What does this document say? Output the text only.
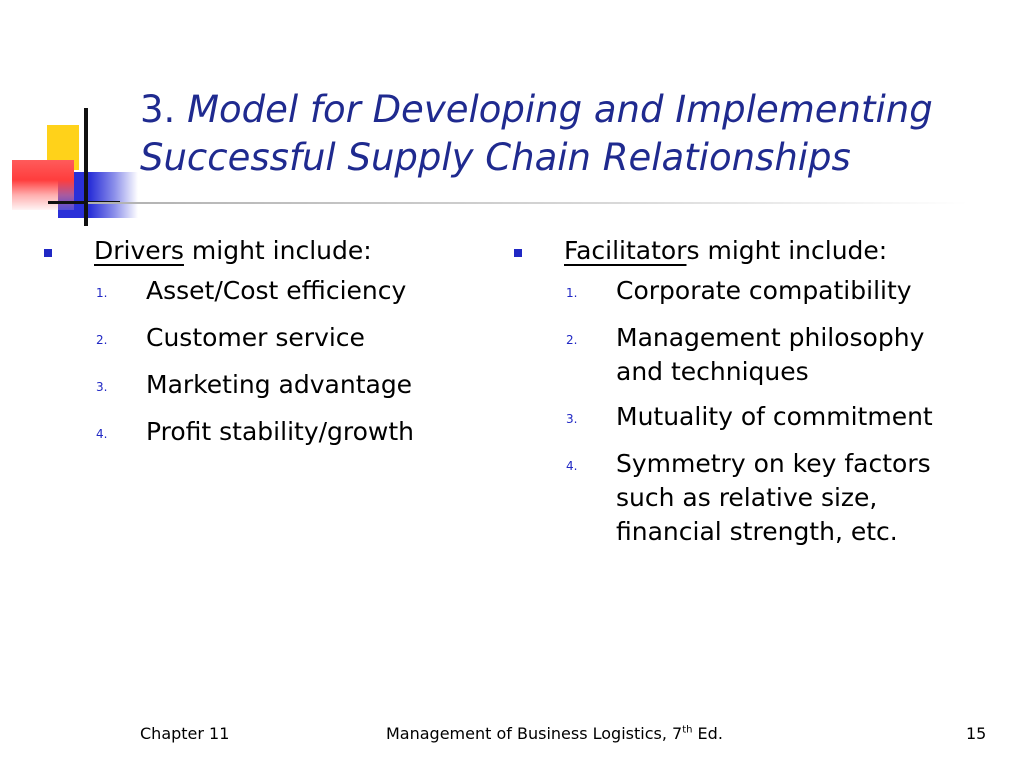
3. Model for Developing and Implementing Successful Supply Chain Relationships
Drivers might include:
1.	Asset/Cost efficiency
2.	Customer service
3.	Marketing advantage
4.	Profit stability/growth
Facilitators might include:
1.	Corporate compatibility
2.	Management philosophy and techniques
3.	Mutuality of commitment
4.	Symmetry on key factors such as relative size, financial strength, etc.
Chapter 11	Management of Business Logistics, 7th Ed.	15
